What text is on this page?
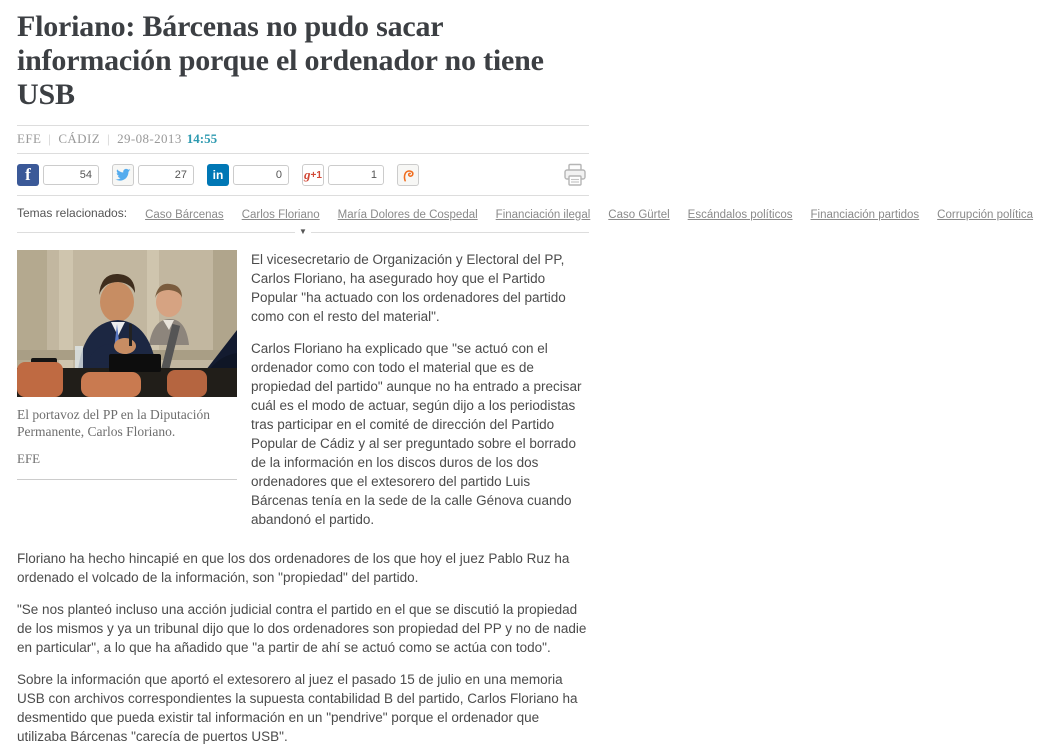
Floriano: Bárcenas no pudo sacar información porque el ordenador no tiene USB
EFE | CÁDIZ | 29-08-2013 14:55
f	54	27	in	0	g +1	1
Temas relacionados:	Caso Bárcenas Carlos Floriano María Dolores de Cospedal Financiación ilegal Caso Gürtel Escándalos políticos Financiación partidos Corrupción política
▼
El portavoz del PP en la Diputación Permanente, Carlos Floriano.
EFE

El vicesecretario de Organización y Electoral del PP, Carlos Floriano, ha asegurado hoy que el Partido Popular "ha actuado con los ordenadores del partido como con el resto del material".

Carlos Floriano ha explicado que "se actuó con el ordenador como con todo el material que es de propiedad del partido" aunque no ha entrado a precisar cuál es el modo de actuar, según dijo a los periodistas tras participar en el comité de dirección del Partido Popular de Cádiz y al ser preguntado sobre el borrado de la información en los discos duros de los dos ordenadores que el extesorero del partido Luis Bárcenas tenía en la sede de la calle Génova cuando abandonó el partido.

Floriano ha hecho hincapié en que los dos ordenadores de los que hoy el juez Pablo Ruz ha ordenado el volcado de la información, son "propiedad" del partido.

"Se nos planteó incluso una acción judicial contra el partido en el que se discutió la propiedad de los mismos y ya un tribunal dijo que lo dos ordenadores son propiedad del PP y no de nadie en particular", a lo que ha añadido que "a partir de ahí se actuó como se actúa con todo".

Sobre la información que aportó el extesorero al juez el pasado 15 de julio en una memoria USB con archivos correspondientes la supuesta contabilidad B del partido, Carlos Floriano ha desmentido que pueda existir tal información en un "pendrive" porque el ordenador que utilizaba Bárcenas "carecía de puertos USB".
